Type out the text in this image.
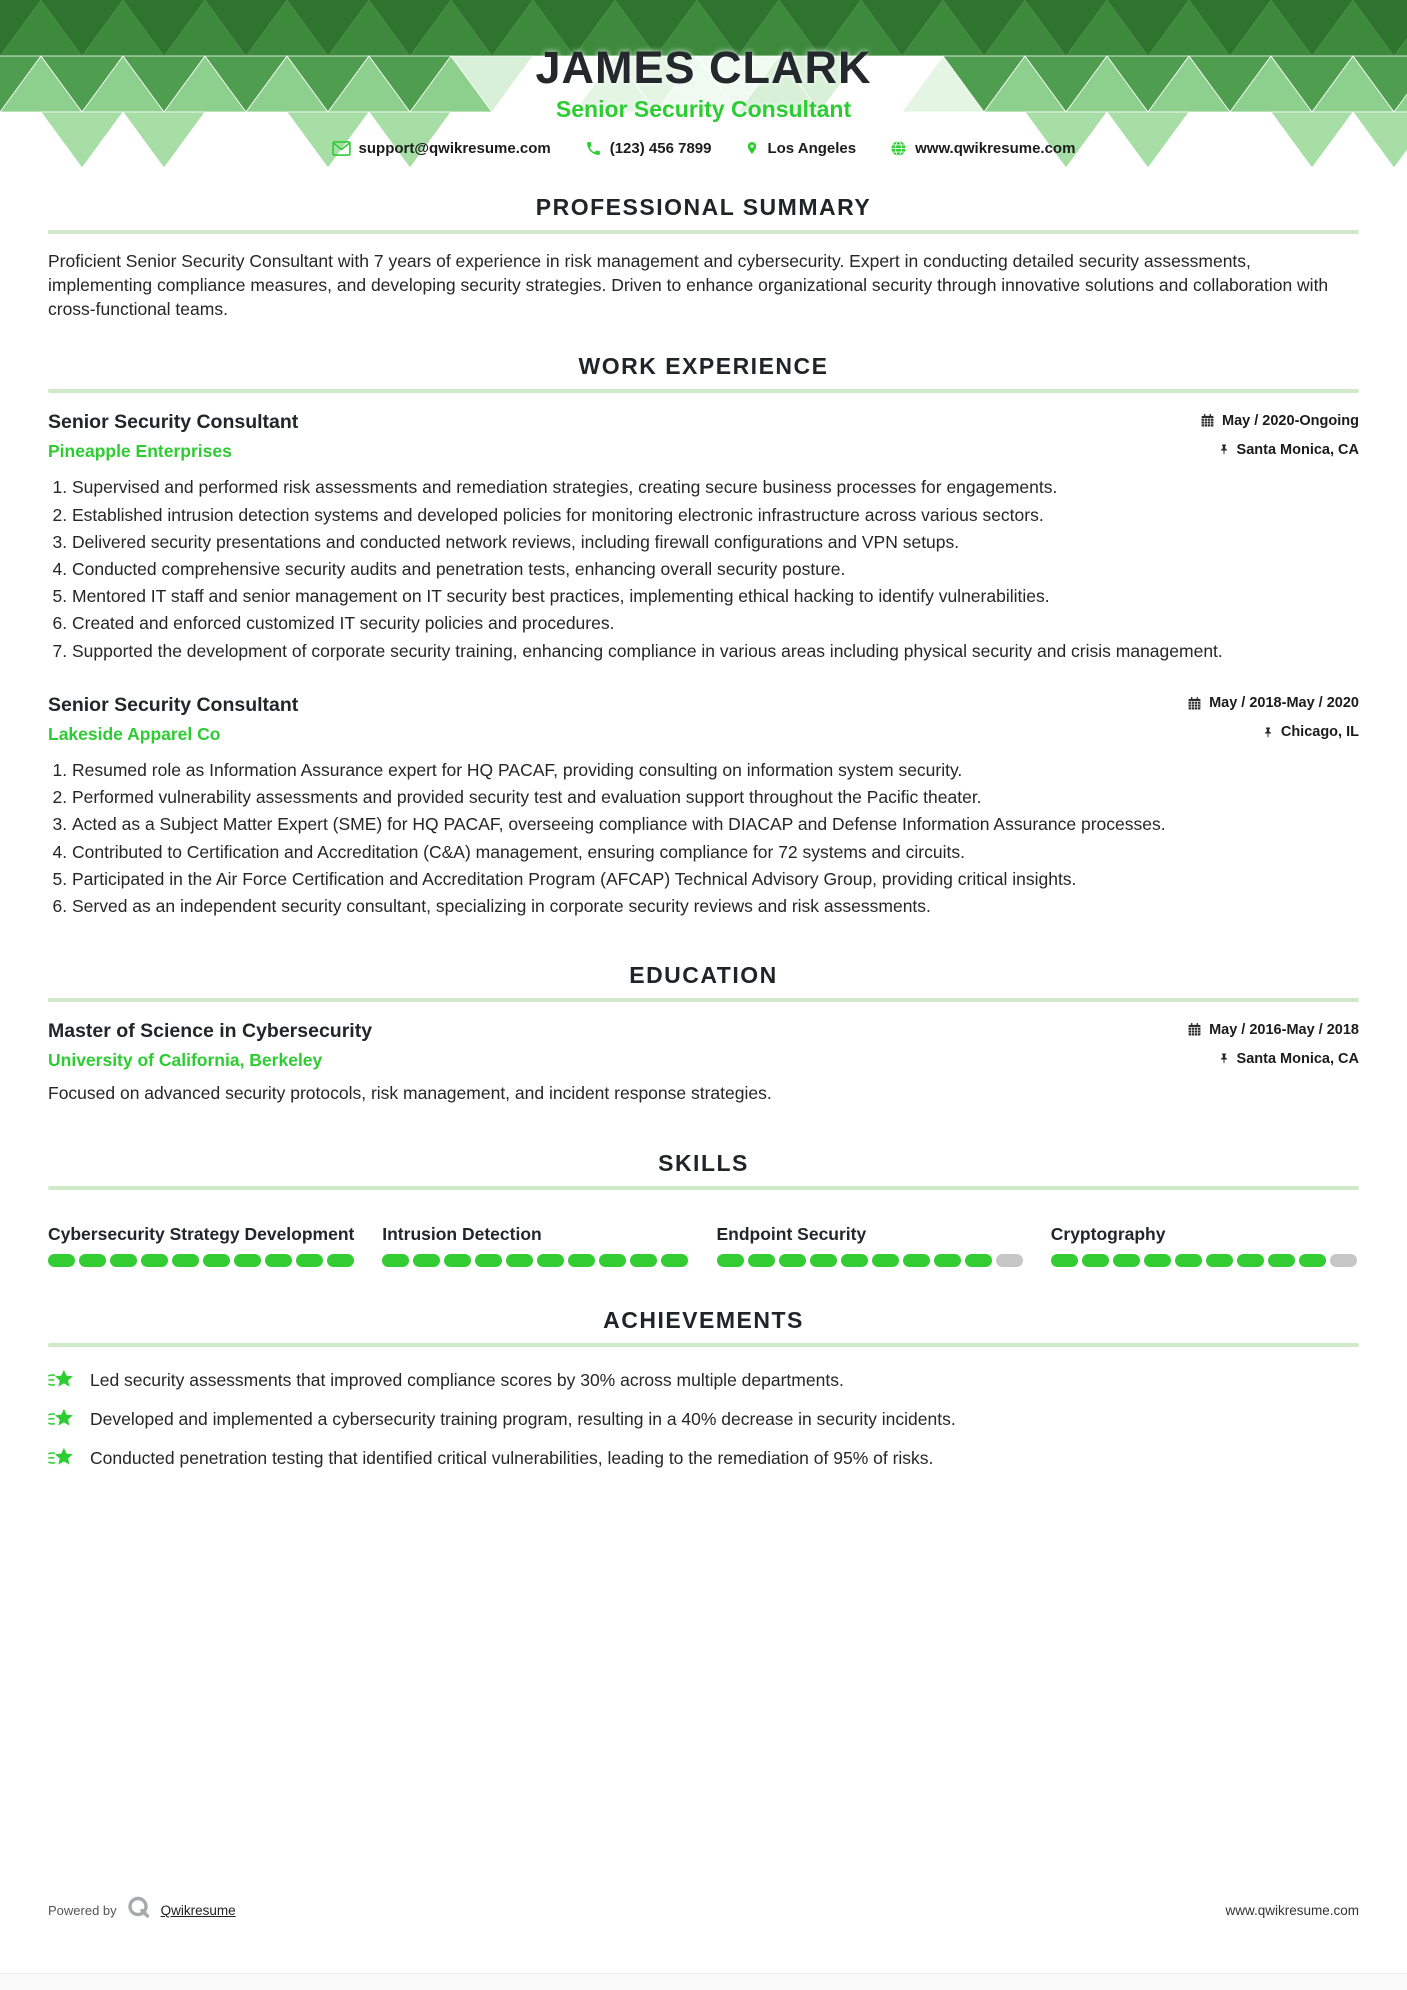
JAMES CLARK
Senior Security Consultant
support@qwikresume.com	(123) 456 7899	Los Angeles	www.qwikresume.com
PROFESSIONAL SUMMARY

Proficient Senior Security Consultant with 7 years of experience in risk management and cybersecurity. Expert in conducting detailed security assessments, implementing compliance measures, and developing security strategies. Driven to enhance organizational security through innovative solutions and collaboration with cross-functional teams.

WORK EXPERIENCE
Senior Security Consultant	May / 2020-Ongoing
Pineapple Enterprises	Santa Monica, CA
1. Supervised and performed risk assessments and remediation strategies, creating secure business processes for engagements.
2. Established intrusion detection systems and developed policies for monitoring electronic infrastructure across various sectors.
3. Delivered security presentations and conducted network reviews, including firewall configurations and VPN setups.
4. Conducted comprehensive security audits and penetration tests, enhancing overall security posture.
5. Mentored IT staff and senior management on IT security best practices, implementing ethical hacking to identify vulnerabilities.
6. Created and enforced customized IT security policies and procedures.
7. Supported the development of corporate security training, enhancing compliance in various areas including physical security and crisis management.
Senior Security Consultant	May / 2018-May / 2020
Lakeside Apparel Co	Chicago, IL
1. Resumed role as Information Assurance expert for HQ PACAF, providing consulting on information system security.
2. Performed vulnerability assessments and provided security test and evaluation support throughout the Pacific theater.
3. Acted as a Subject Matter Expert (SME) for HQ PACAF, overseeing compliance with DIACAP and Defense Information Assurance processes.
4. Contributed to Certification and Accreditation (C&A) management, ensuring compliance for 72 systems and circuits.
5. Participated in the Air Force Certification and Accreditation Program (AFCAP) Technical Advisory Group, providing critical insights.
6. Served as an independent security consultant, specializing in corporate security reviews and risk assessments.
EDUCATION
Master of Science in Cybersecurity	May / 2016-May / 2018
University of California, Berkeley	Santa Monica, CA

Focused on advanced security protocols, risk management, and incident response strategies.

SKILLS
Cybersecurity Strategy Development Intrusion Detection	Endpoint Security	Cryptography
ACHIEVEMENTS
Led security assessments that improved compliance scores by 30% across multiple departments.
Developed and implemented a cybersecurity training program, resulting in a 40% decrease in security incidents.
Conducted penetration testing that identified critical vulnerabilities, leading to the remediation of 95% of risks.
Powered by	Qwikresume	www.qwikresume.com
